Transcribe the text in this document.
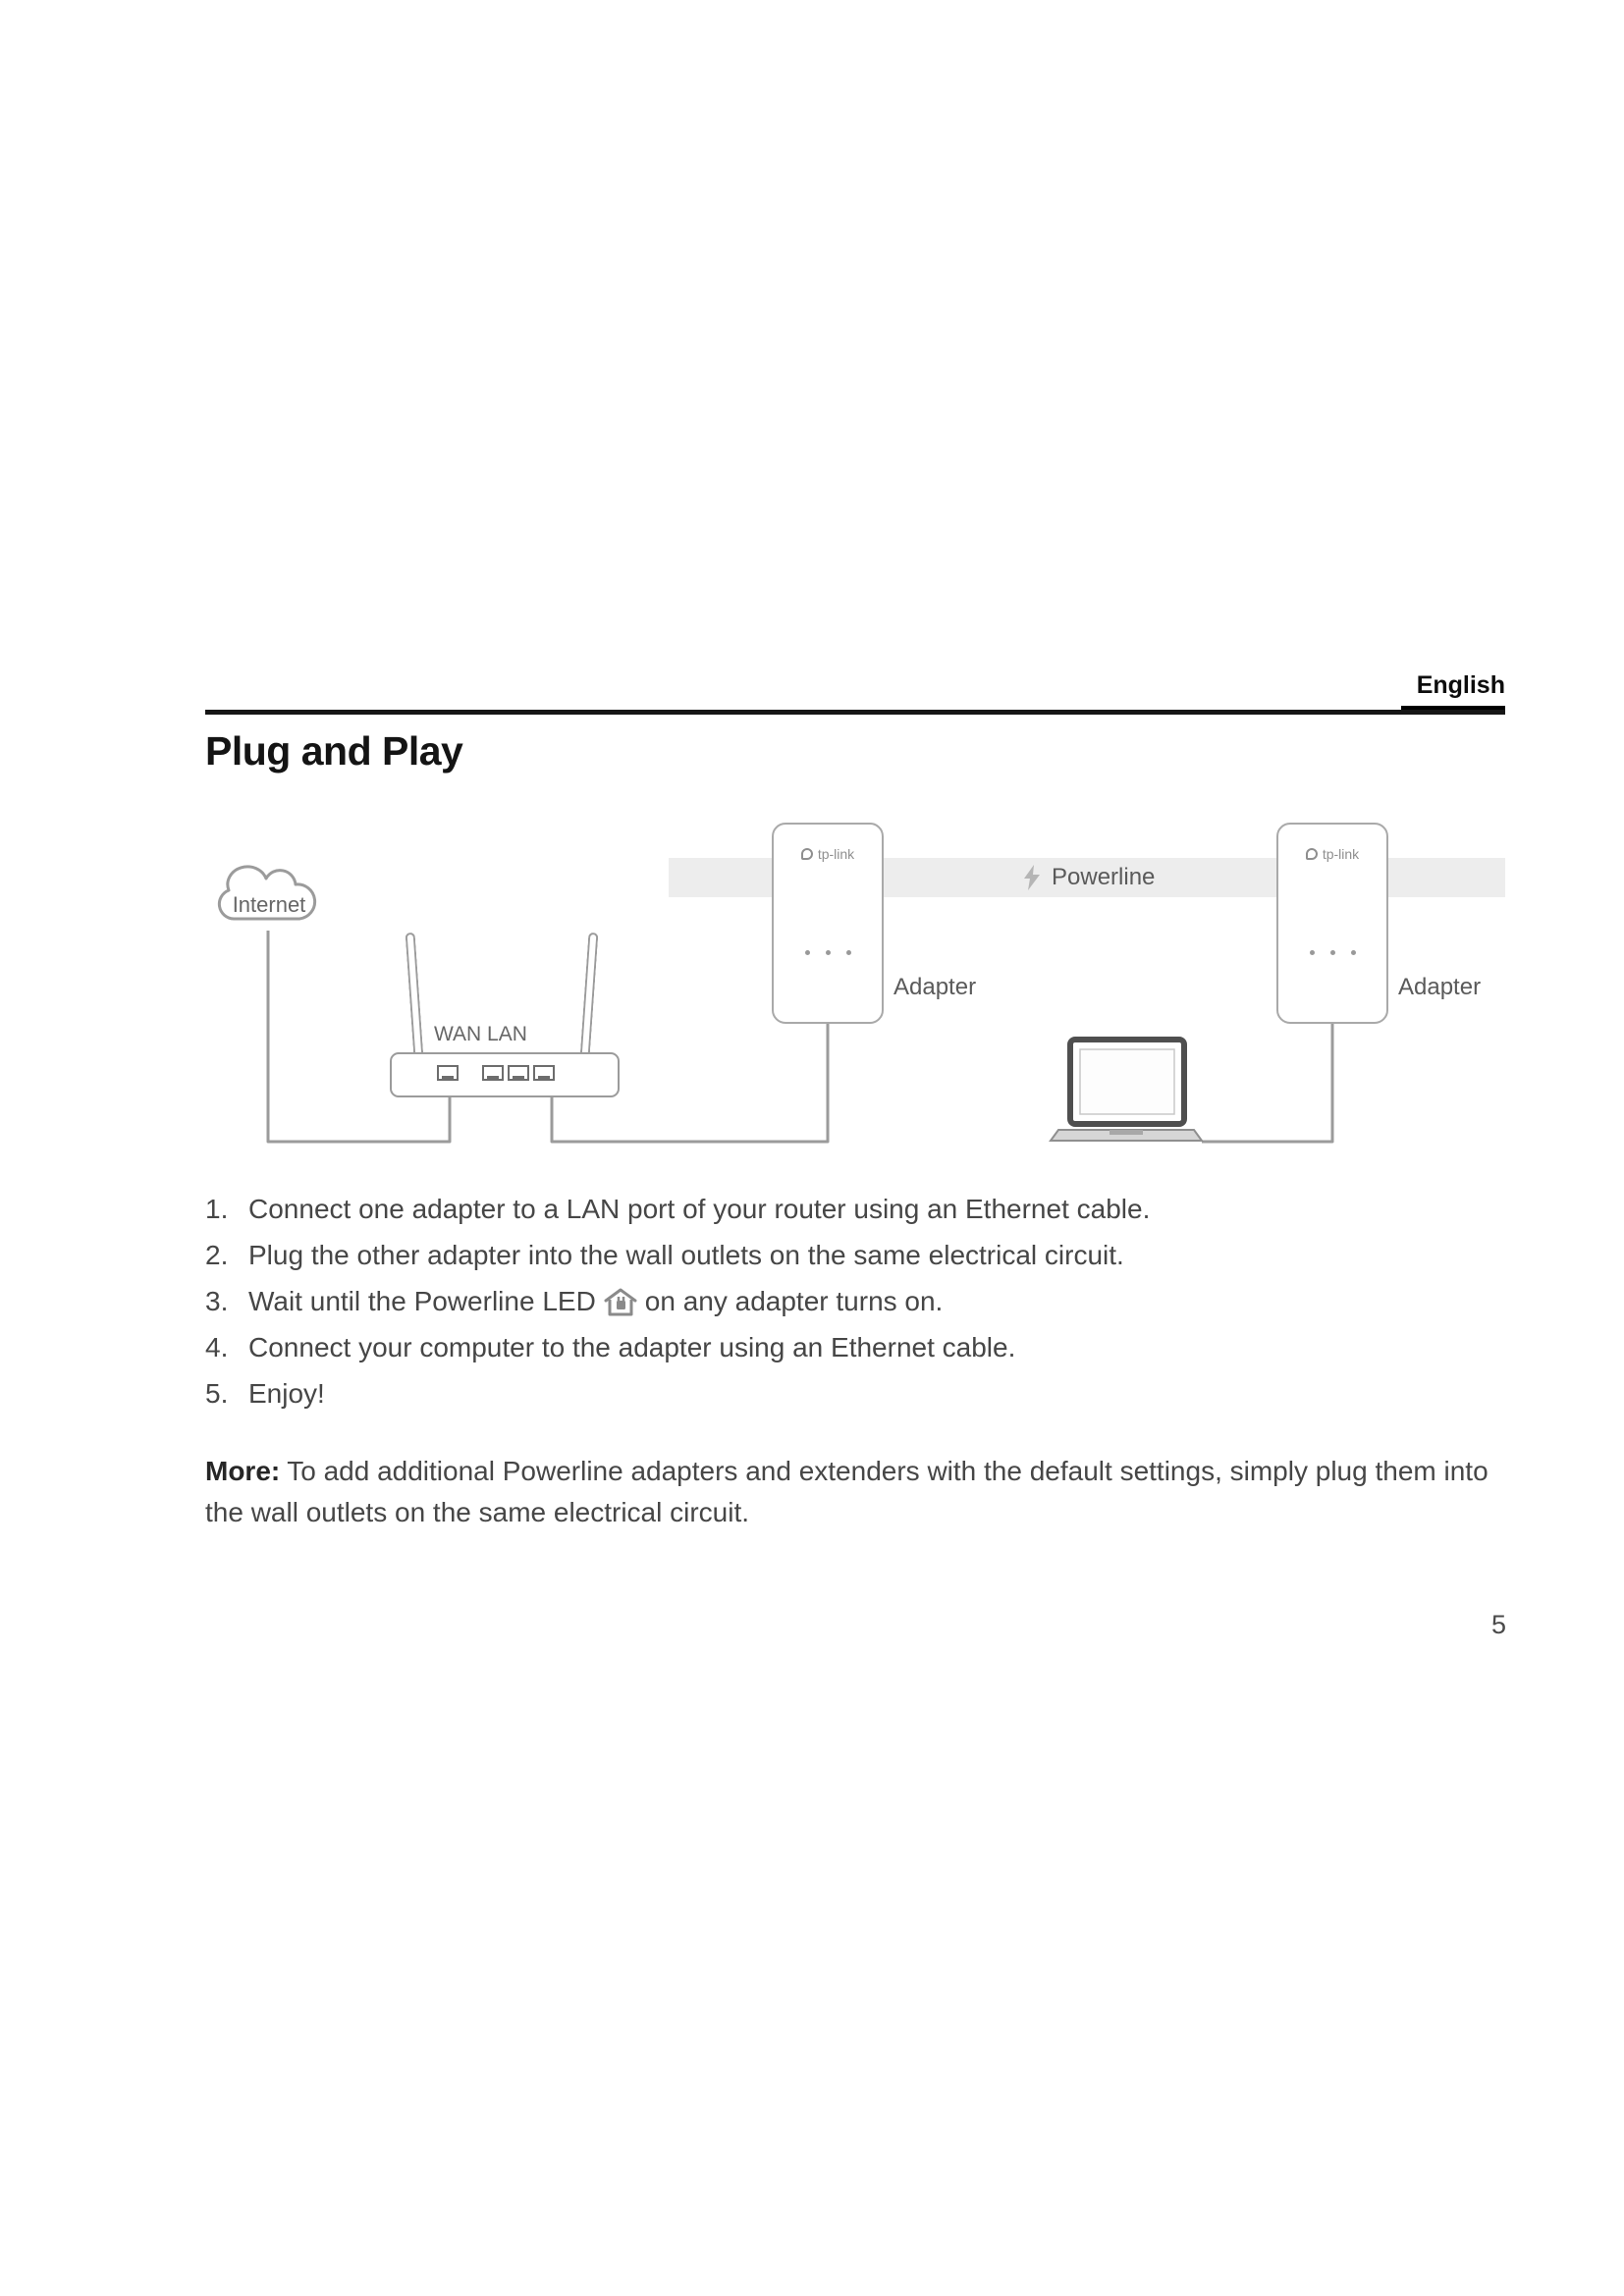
English
Plug and Play
Powerline
Internet
WAN LAN
tp-link
Adapter
tp-link
Adapter
1. Connect one adapter to a LAN port of your router using an Ethernet cable.
2. Plug the other adapter into the wall outlets on the same electrical circuit.
3. Wait until the Powerline LED on any adapter turns on.
4. Connect your computer to the adapter using an Ethernet cable.
5. Enjoy!

More: To add additional Powerline adapters and extenders with the default settings, simply plug them into the wall outlets on the same electrical circuit.

5
